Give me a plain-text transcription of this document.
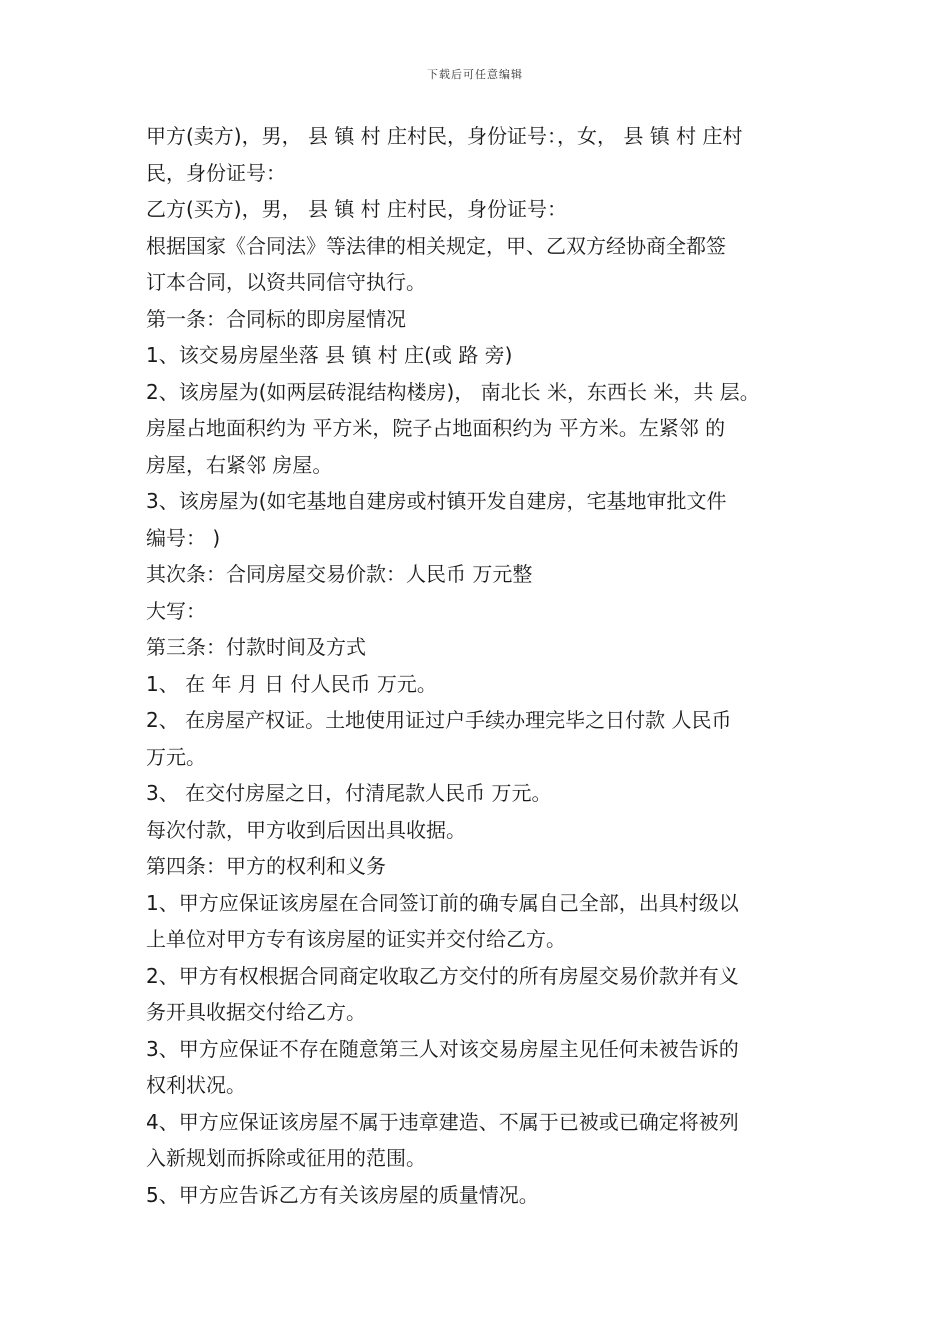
下载后可任意编辑

甲方(卖方)，男， 县 镇 村 庄村民，身份证号：，女， 县 镇 村 庄村

民，身份证号：

乙方(买方)，男， 县 镇 村 庄村民，身份证号：

根据国家《合同法》等法律的相关规定，甲、乙双方经协商全都签

订本合同，以资共同信守执行。

第一条：合同标的即房屋情况

1、该交易房屋坐落 县 镇 村 庄(或 路 旁)

2、该房屋为(如两层砖混结构楼房)， 南北长 米，东西长 米，共 层。

房屋占地面积约为 平方米，院子占地面积约为 平方米。左紧邻 的

房屋，右紧邻 房屋。

3、该房屋为(如宅基地自建房或村镇开发自建房，宅基地审批文件

编号： )

其次条：合同房屋交易价款：人民币 万元整

大写：

第三条：付款时间及方式

1、 在 年 月 日 付人民币 万元。

2、 在房屋产权证。土地使用证过户手续办理完毕之日付款 人民币

万元。

3、 在交付房屋之日，付清尾款人民币 万元。

每次付款，甲方收到后因出具收据。

第四条：甲方的权利和义务

1、甲方应保证该房屋在合同签订前的确专属自己全部，出具村级以

上单位对甲方专有该房屋的证实并交付给乙方。

2、甲方有权根据合同商定收取乙方交付的所有房屋交易价款并有义

务开具收据交付给乙方。

3、甲方应保证不存在随意第三人对该交易房屋主见任何未被告诉的

权利状况。

4、甲方应保证该房屋不属于违章建造、不属于已被或已确定将被列

入新规划而拆除或征用的范围。

5、甲方应告诉乙方有关该房屋的质量情况。
